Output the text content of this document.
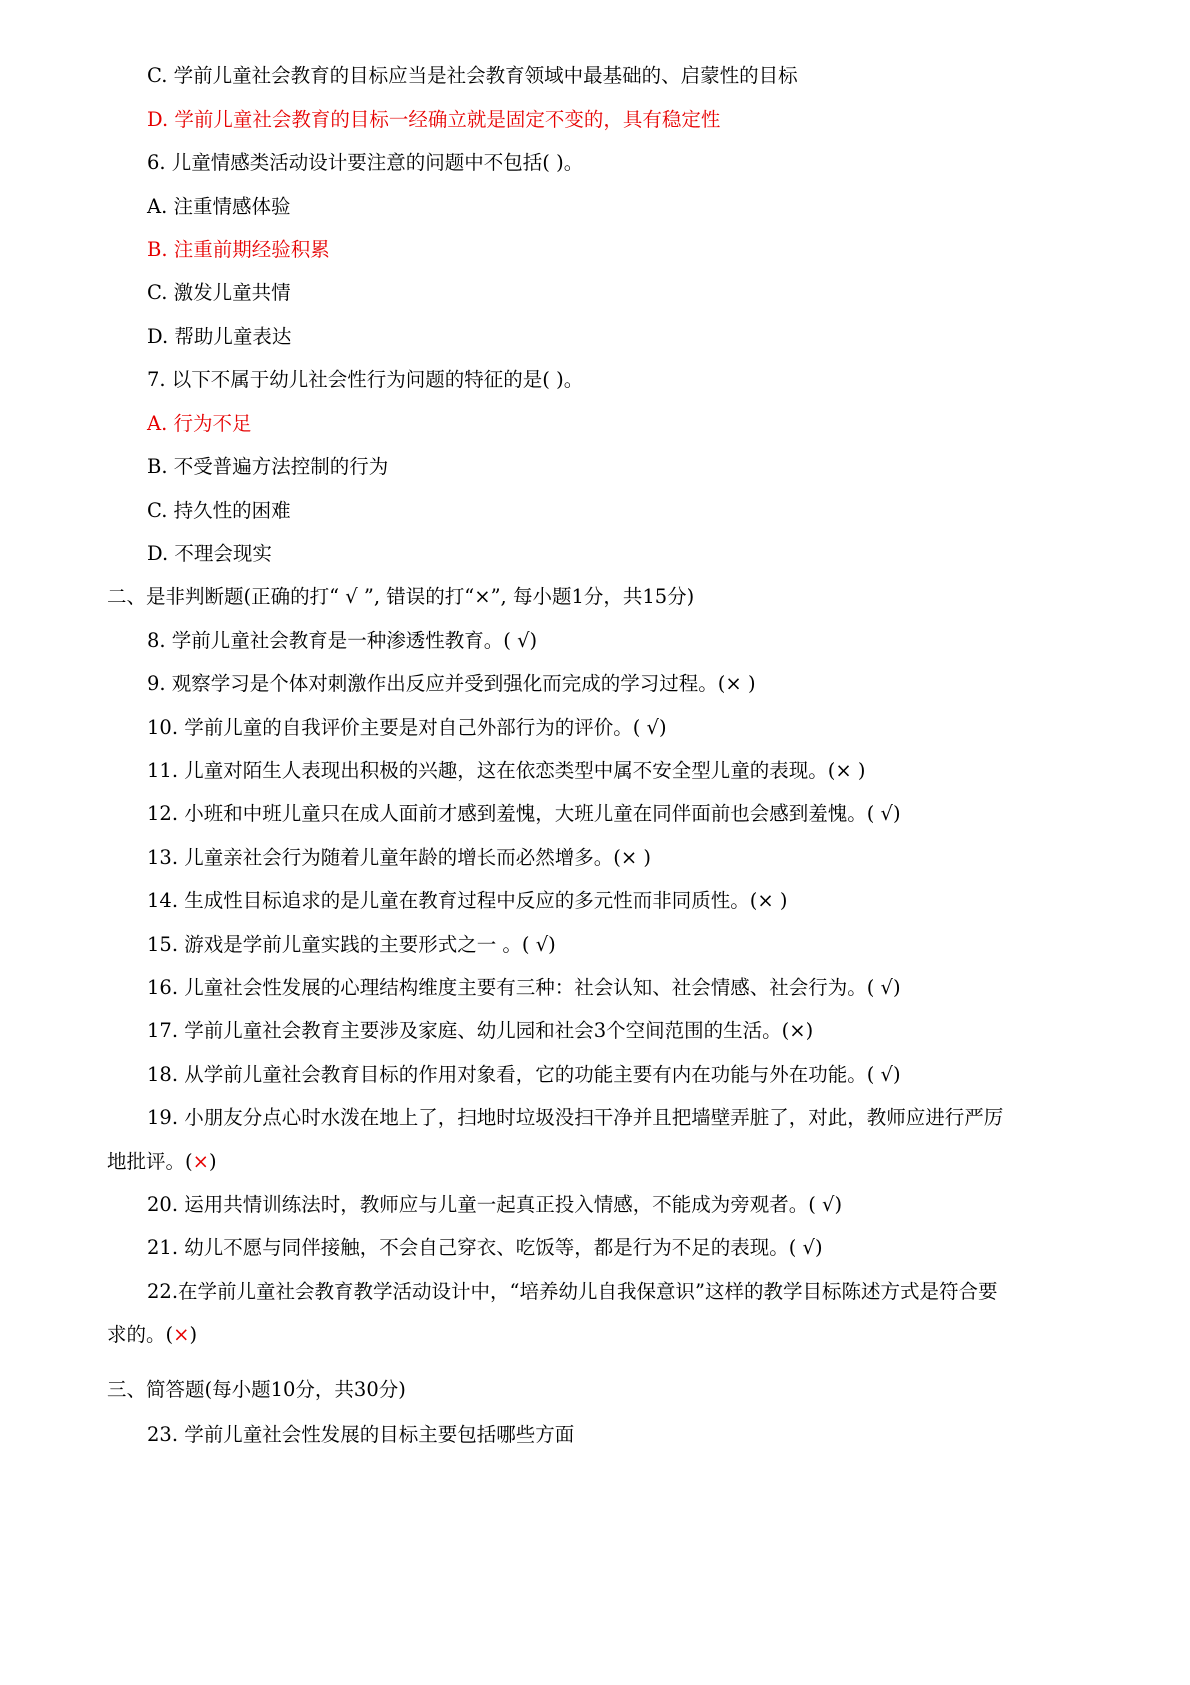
C. 学前儿童社会教育的目标应当是社会教育领域中最基础的、启蒙性的目标
D. 学前儿童社会教育的目标一经确立就是固定不变的，具有稳定性
6. 儿童情感类活动设计要注意的问题中不包括( )。
A. 注重情感体验
B. 注重前期经验积累
C. 激发儿童共情
D. 帮助儿童表达
7. 以下不属于幼儿社会性行为问题的特征的是( )。
A. 行为不足
B. 不受普遍方法控制的行为
C. 持久性的困难
D. 不理会现实
二、是非判断题(正确的打“ √ ”, 错误的打“×”, 每小题1分，共15分)
8. 学前儿童社会教育是一种渗透性教育。( √)
9. 观察学习是个体对刺激作出反应并受到强化而完成的学习过程。(× )
10. 学前儿童的自我评价主要是对自己外部行为的评价。( √)
11. 儿童对陌生人表现出积极的兴趣，这在依恋类型中属不安全型儿童的表现。(× )
12. 小班和中班儿童只在成人面前才感到羞愧，大班儿童在同伴面前也会感到羞愧。( √)
13. 儿童亲社会行为随着儿童年龄的增长而必然增多。(× )
14. 生成性目标追求的是儿童在教育过程中反应的多元性而非同质性。(× )
15. 游戏是学前儿童实践的主要形式之一 。( √)
16. 儿童社会性发展的心理结构维度主要有三种：社会认知、社会情感、社会行为。( √)
17. 学前儿童社会教育主要涉及家庭、幼儿园和社会3个空间范围的生活。(×)
18. 从学前儿童社会教育目标的作用对象看，它的功能主要有内在功能与外在功能。( √)
19. 小朋友分点心时水泼在地上了，扫地时垃圾没扫干净并且把墙壁弄脏了，对此，教师应进行严厉
地批评。(×)
20. 运用共情训练法时，教师应与儿童一起真正投入情感，不能成为旁观者。( √)
21. 幼儿不愿与同伴接触，不会自己穿衣、吃饭等，都是行为不足的表现。( √)
22.在学前儿童社会教育教学活动设计中，“培养幼儿自我保意识”这样的教学目标陈述方式是符合要
求的。(×)
三、简答题(每小题10分，共30分)
23. 学前儿童社会性发展的目标主要包括哪些方面
